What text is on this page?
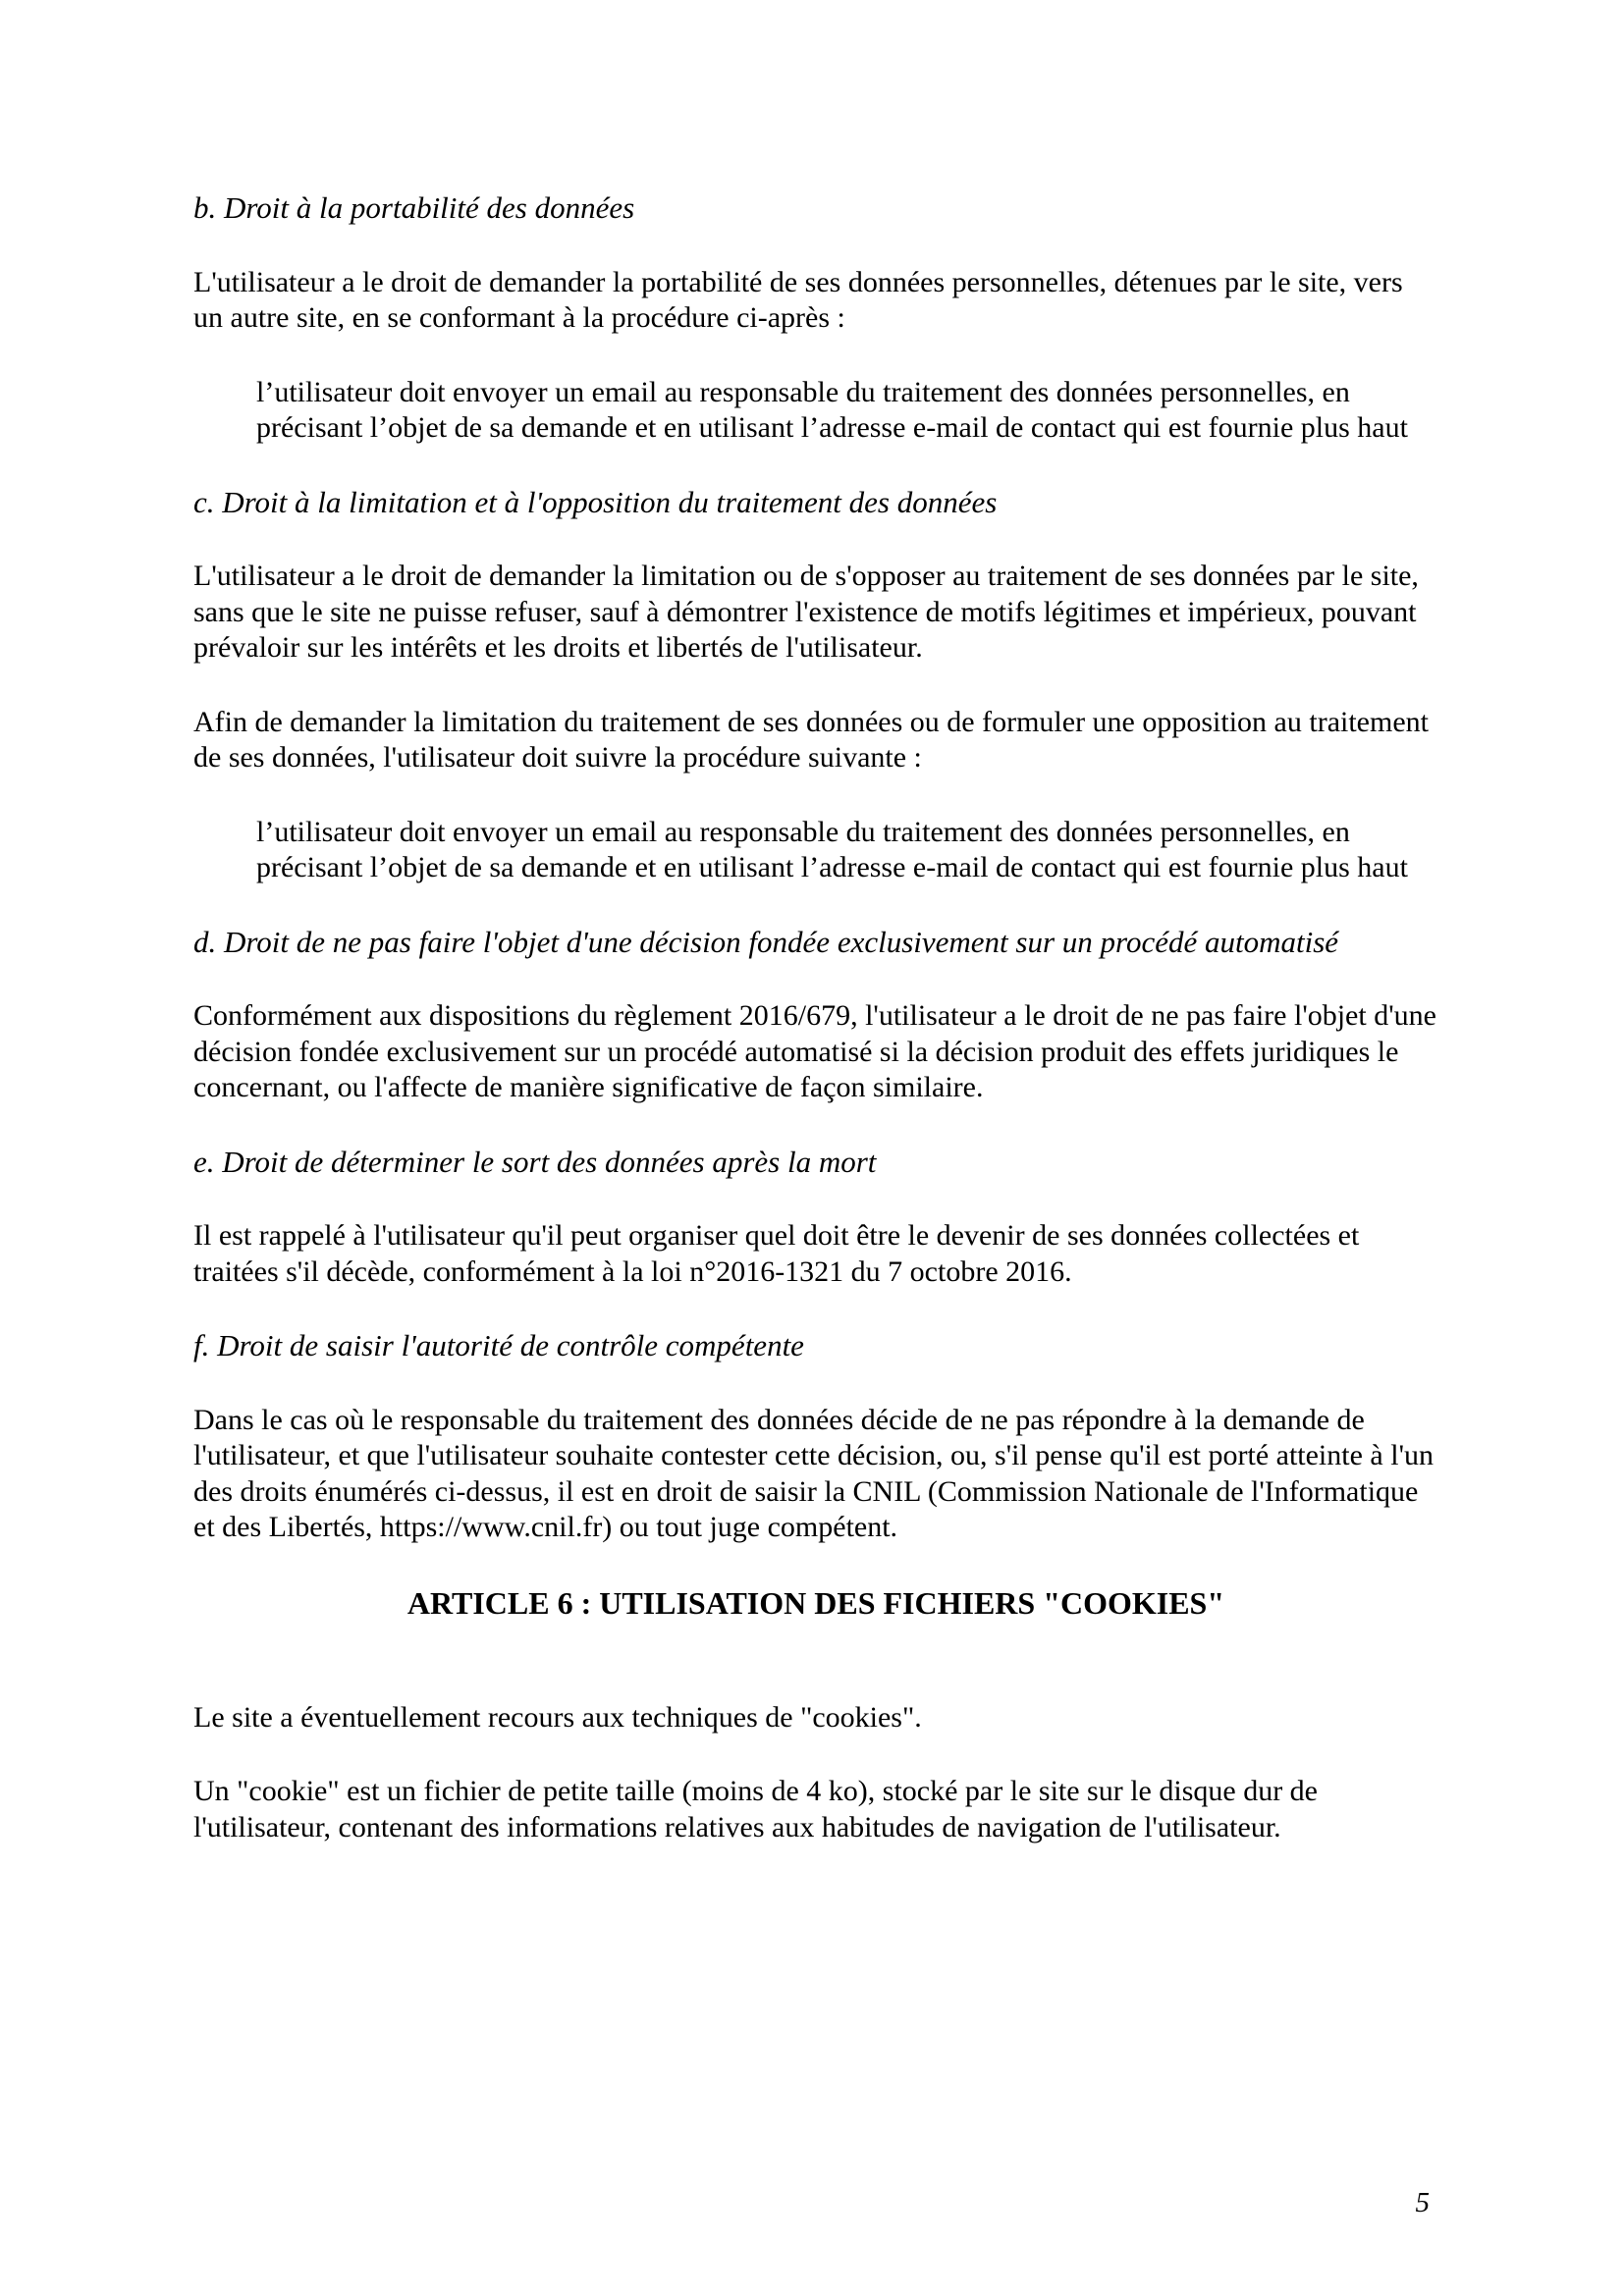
b. Droit à la portabilité des données

L'utilisateur a le droit de demander la portabilité de ses données personnelles, détenues par le site, vers un autre site, en se conformant à la procédure ci-après :

l’utilisateur doit envoyer un email au responsable du traitement des données personnelles, en précisant l’objet de sa demande et en utilisant l’adresse e-mail de contact qui est fournie plus haut

c. Droit à la limitation et à l'opposition du traitement des données

L'utilisateur a le droit de demander la limitation ou de s'opposer au traitement de ses données par le site, sans que le site ne puisse refuser, sauf à démontrer l'existence de motifs légitimes et impérieux, pouvant prévaloir sur les intérêts et les droits et libertés de l'utilisateur.

Afin de demander la limitation du traitement de ses données ou de formuler une opposition au traitement de ses données, l'utilisateur doit suivre la procédure suivante :

l’utilisateur doit envoyer un email au responsable du traitement des données personnelles, en précisant l’objet de sa demande et en utilisant l’adresse e-mail de contact qui est fournie plus haut

d. Droit de ne pas faire l'objet d'une décision fondée exclusivement sur un procédé automatisé

Conformément aux dispositions du règlement 2016/679, l'utilisateur a le droit de ne pas faire l'objet d'une décision fondée exclusivement sur un procédé automatisé si la décision produit des effets juridiques le concernant, ou l'affecte de manière significative de façon similaire.

e. Droit de déterminer le sort des données après la mort

Il est rappelé à l'utilisateur qu'il peut organiser quel doit être le devenir de ses données collectées et traitées s'il décède, conformément à la loi n°2016-1321 du 7 octobre 2016.

f. Droit de saisir l'autorité de contrôle compétente

Dans le cas où le responsable du traitement des données décide de ne pas répondre à la demande de l'utilisateur, et que l'utilisateur souhaite contester cette décision, ou, s'il pense qu'il est porté atteinte à l'un des droits énumérés ci-dessus, il est en droit de saisir la CNIL (Commission Nationale de l'Informatique et des Libertés, https://www.cnil.fr) ou tout juge compétent.

ARTICLE 6 : UTILISATION DES FICHIERS "COOKIES"

Le site a éventuellement recours aux techniques de "cookies".

Un "cookie" est un fichier de petite taille (moins de 4 ko), stocké par le site sur le disque dur de l'utilisateur, contenant des informations relatives aux habitudes de navigation de l'utilisateur.

5
